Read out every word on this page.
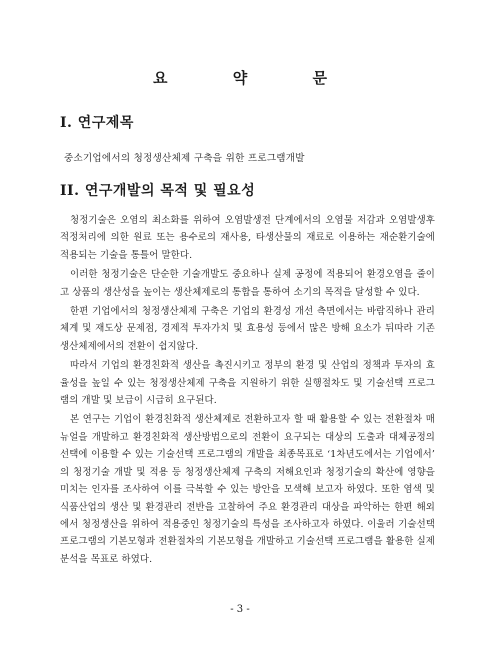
요 약 문
I. 연구제목
중소기업에서의 청정생산체제 구축을 위한 프로그램개발
II. 연구개발의 목적 및 필요성

청정기술은 오염의 최소화를 위하여 오염발생전 단계에서의 오염물 저감과 오염발생후 적정처리에 의한 원료 또는 용수로의 재사용, 타생산물의 재료로 이용하는 재순환기술에 적용되는 기술을 통틀어 말한다.

이러한 청정기술은 단순한 기술개발도 중요하나 실제 공정에 적용되어 환경오염을 줄이고 상품의 생산성을 높이는 생산체제로의 통합을 통하여 소기의 목적을 달성할 수 있다.

한편 기업에서의 청정생산체제 구축은 기업의 환경성 개선 측면에서는 바람직하나 관리체계 및 재도상 문제점, 경제적 투자가치 및 효용성 등에서 많은 방해 요소가 뒤따라 기존 생산체제에서의 전환이 쉽지않다.

따라서 기업의 환경친화적 생산을 촉진시키고 정부의 환경 및 산업의 정책과 투자의 효율성을 높일 수 있는 청정생산체제 구축을 지원하기 위한 실행절차도 및 기술선택 프로그램의 개발 및 보급이 시급히 요구된다.

본 연구는 기업이 환경친화적 생산체제로 전환하고자 할 때 활용할 수 있는 전환절차 매뉴얼을 개발하고 환경친화적 생산방법으로의 전환이 요구되는 대상의 도출과 대체공정의 선택에 이용할 수 있는 기술선택 프로그램의 개발을 최종목표로 ‘1차년도에서는 기업에서’ 의 청정기술 개발 및 적용 등 청정생산체제 구축의 저해요인과 청정기술의 확산에 영향을 미치는 인자를 조사하여 이를 극복할 수 있는 방안을 모색해 보고자 하였다. 또한 염색 및 식품산업의 생산 및 환경관리 전반을 고찰하여 주요 환경관리 대상을 파악하는 한편 해외에서 청정생산을 위하여 적용중인 청정기술의 특성을 조사하고자 하였다. 이울러 기술선택 프로그램의 기본모형과 전환절차의 기본모형을 개발하고 기술선택 프로그램을 활용한 실제 분석을 목표로 하였다.

- 3 -
